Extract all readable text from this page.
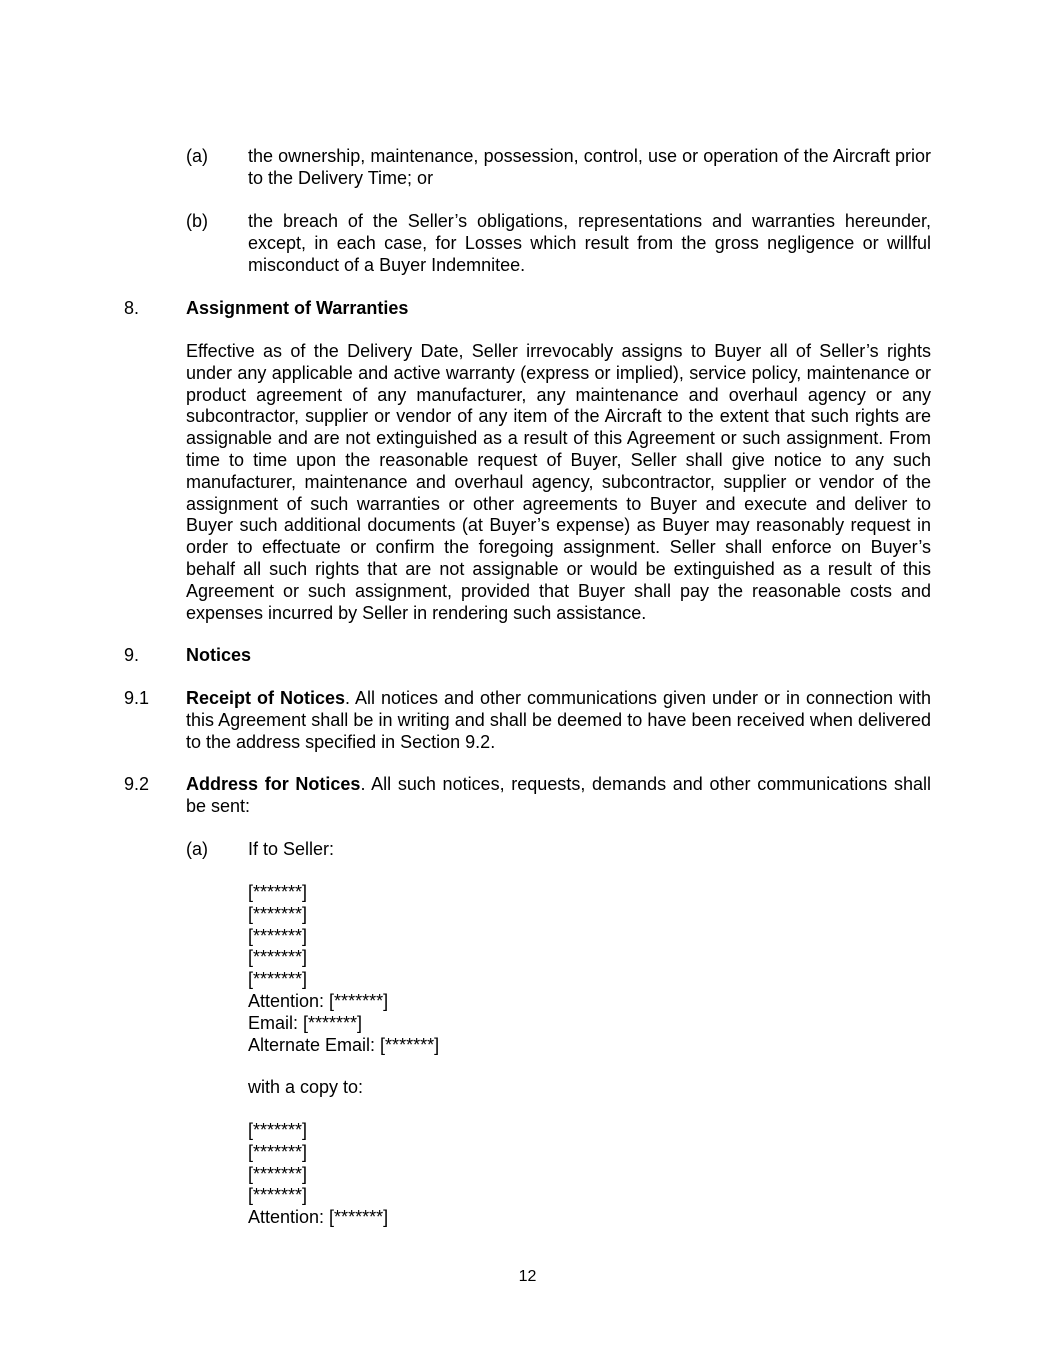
(a) the ownership, maintenance, possession, control, use or operation of the Aircraft prior to the Delivery Time; or
(b) the breach of the Seller’s obligations, representations and warranties hereunder, except, in each case, for Losses which result from the gross negligence or willful misconduct of a Buyer Indemnitee.
8.	Assignment of Warranties
Effective as of the Delivery Date, Seller irrevocably assigns to Buyer all of Seller’s rights under any applicable and active warranty (express or implied), service policy, maintenance or product agreement of any manufacturer, any maintenance and overhaul agency or any subcontractor, supplier or vendor of any item of the Aircraft to the extent that such rights are assignable and are not extinguished as a result of this Agreement or such assignment. From time to time upon the reasonable request of Buyer, Seller shall give notice to any such manufacturer, maintenance and overhaul agency, subcontractor, supplier or vendor of the assignment of such warranties or other agreements to Buyer and execute and deliver to Buyer such additional documents (at Buyer’s expense) as Buyer may reasonably request in order to effectuate or confirm the foregoing assignment. Seller shall enforce on Buyer’s behalf all such rights that are not assignable or would be extinguished as a result of this Agreement or such assignment, provided that Buyer shall pay the reasonable costs and expenses incurred by Seller in rendering such assistance.
9.	Notices
9.1 Receipt of Notices. All notices and other communications given under or in connection with this Agreement shall be in writing and shall be deemed to have been received when delivered to the address specified in Section 9.2.
9.2 Address for Notices. All such notices, requests, demands and other communications shall be sent:
(a) If to Seller:
[*******]
[*******]
[*******]
[*******]
[*******]
Attention: [*******]
Email: [*******]
Alternate Email: [*******]
with a copy to:
[*******]
[*******]
[*******]
[*******]
Attention: [*******]
12
